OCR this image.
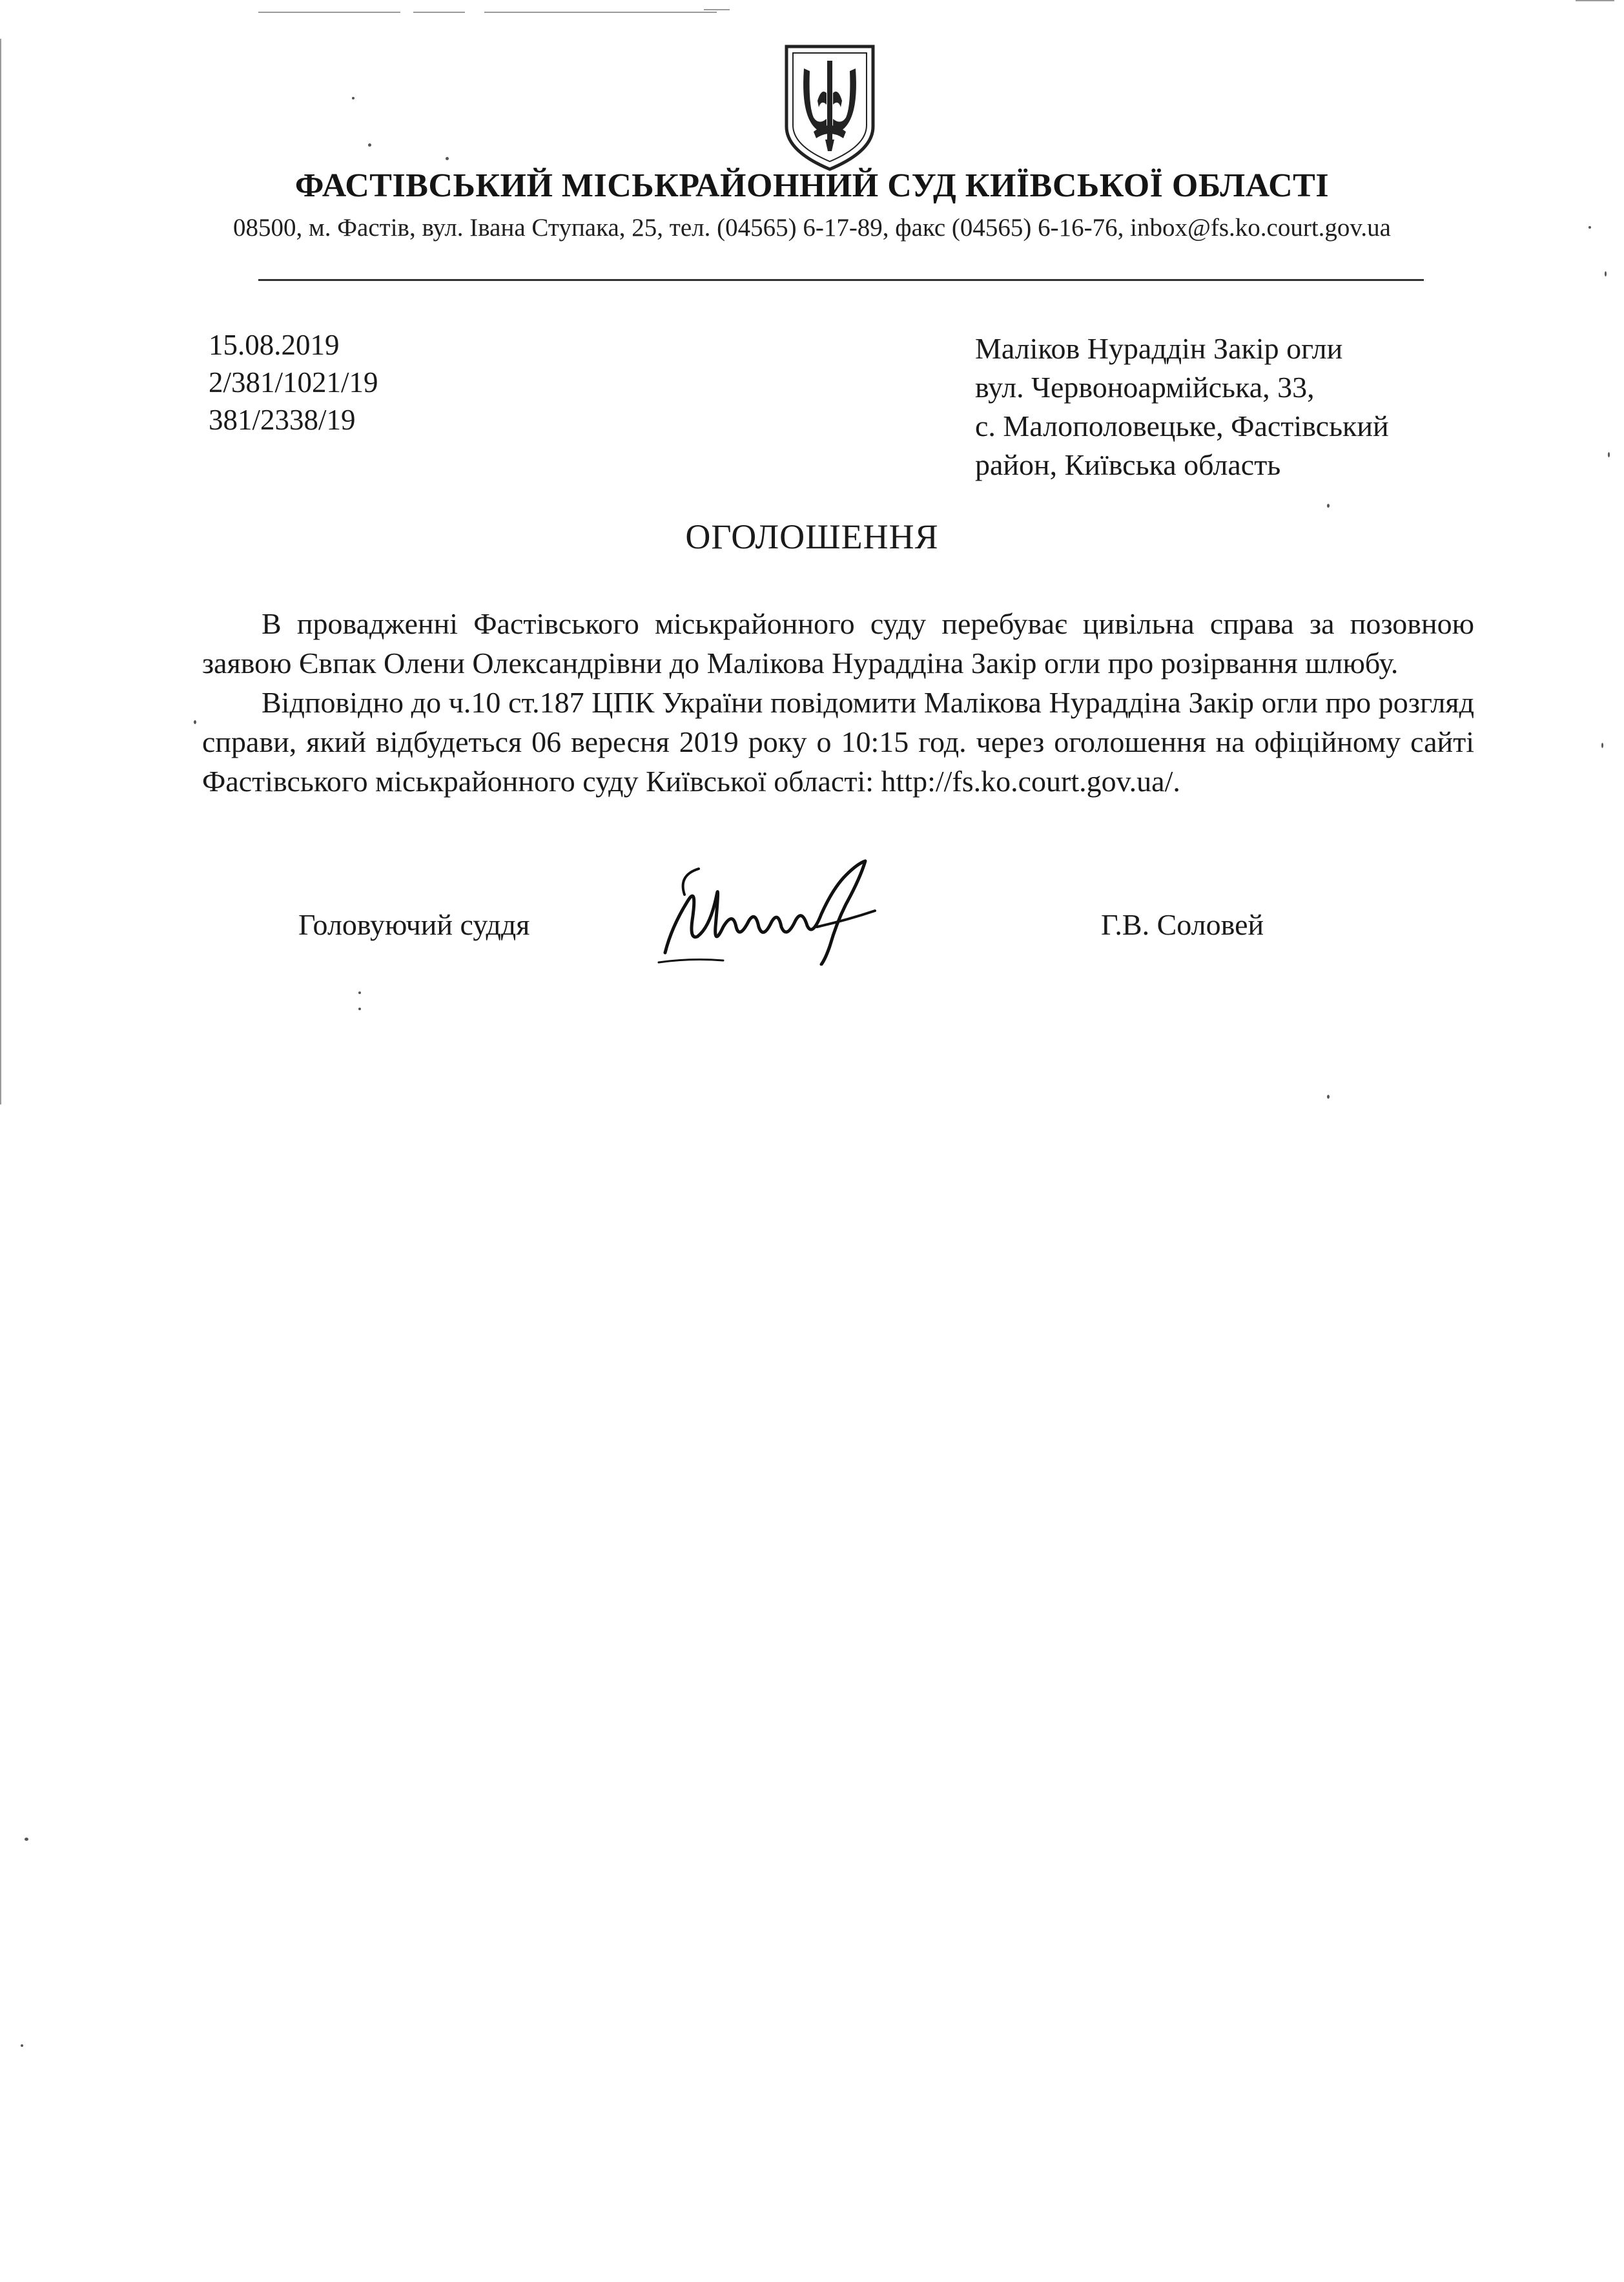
ФАСТІВСЬКИЙ МІСЬКРАЙОННИЙ СУД КИЇВСЬКОЇ ОБЛАСТІ
08500, м. Фастів, вул. Івана Ступака, 25, тел. (04565) 6-17-89, факс (04565) 6-16-76, inbox@fs.ko.court.gov.ua
15.08.2019
2/381/1021/19
381/2338/19
Маліков Нураддін Закір огли
вул. Червоноармійська, 33,
с. Малополовецьке, Фастівський
район, Київська область
ОГОЛОШЕННЯ

В провадженні Фастівського міськрайонного суду перебуває цивільна справа за позовною заявою Євпак Олени Олександрівни до Малікова Нураддіна Закір огли про розірвання шлюбу.

Відповідно до ч.10 ст.187 ЦПК України повідомити Малікова Нураддіна Закір огли про розгляд справи, який відбудеться 06 вересня 2019 року о 10:15 год. через оголошення на офіційному сайті Фастівського міськрайонного суду Київської області: http://fs.ko.court.gov.ua/.

Головуючий суддя	Г.В. Соловей
